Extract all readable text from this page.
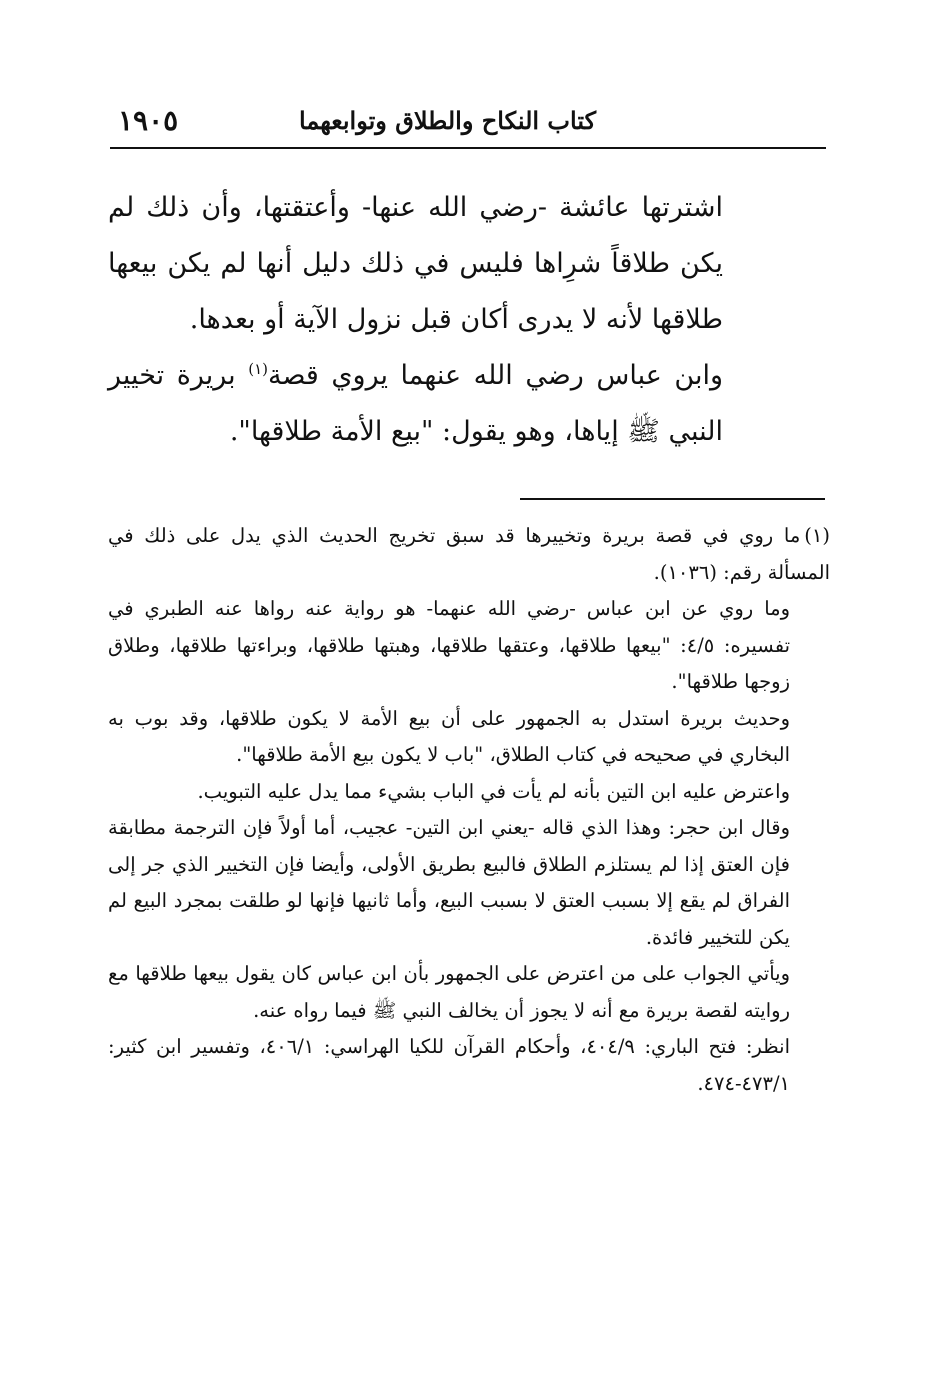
كتاب النكاح والطلاق وتوابعهما
١٩٠٥

اشترتها عائشة -رضي الله عنها- وأعتقتها، وأن ذلك لم يكن طلاقاً شرِاها فليس في ذلك دليل أنها لم يكن بيعها طلاقها لأنه لا يدرى أكان قبل نزول الآية أو بعدها.

وابن عباس رضي الله عنهما يروي قصة$^{(١)}$ بريرة تخيير النبي ﷺ إياها، وهو يقول: "بيع الأمة طلاقها".

(١)ما روي في قصة بريرة وتخييرها قد سبق تخريج الحديث الذي يدل على ذلك في المسألة رقم: (١٠٣٦).

وما روي عن ابن عباس -رضي الله عنهما- هو رواية عنه رواها عنه الطبري في تفسيره: ٤/٥: "بيعها طلاقها، وعتقها طلاقها، وهبتها طلاقها، وبراءتها طلاقها، وطلاق زوجها طلاقها".

وحديث بريرة استدل به الجمهور على أن بيع الأمة لا يكون طلاقها، وقد بوب به البخاري في صحيحه في كتاب الطلاق، "باب لا يكون بيع الأمة طلاقها".

واعترض عليه ابن التين بأنه لم يأت في الباب بشيء مما يدل عليه التبويب.

وقال ابن حجر: وهذا الذي قاله -يعني ابن التين- عجيب، أما أولاً فإن الترجمة مطابقة فإن العتق إذا لم يستلزم الطلاق فالبيع بطريق الأولى، وأيضا فإن التخيير الذي جر إلى الفراق لم يقع إلا بسبب العتق لا بسبب البيع، وأما ثانيها فإنها لو طلقت بمجرد البيع لم يكن للتخيير فائدة.

ويأتي الجواب على من اعترض على الجمهور بأن ابن عباس كان يقول بيعها طلاقها مع روايته لقصة بريرة مع أنه لا يجوز أن يخالف النبي ﷺ فيما رواه عنه.

انظر: فتح الباري: ٤٠٤/٩، وأحكام القرآن للكيا الهراسي: ٤٠٦/١، وتفسير ابن كثير: ٤٧٣/١-٤٧٤.
